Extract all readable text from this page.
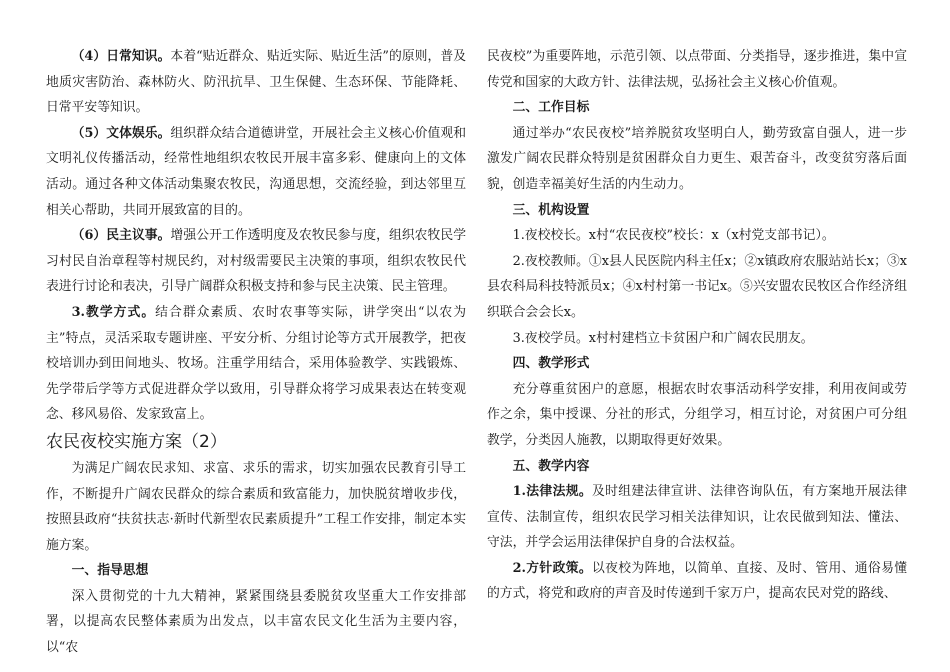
（4）日常知识。本着“贴近群众、贴近实际、贴近生活”的原则，普及地质灾害防治、森林防火、防汛抗旱、卫生保健、生态环保、节能降耗、日常平安等知识。

（5）文体娱乐。组织群众结合道德讲堂，开展社会主义核心价值观和文明礼仪传播活动，经常性地组织农牧民开展丰富多彩、健康向上的文体活动。通过各种文体活动集聚农牧民，沟通思想，交流经验，到达邻里互相关心帮助，共同开展致富的目的。

（6）民主议事。增强公开工作透明度及农牧民参与度，组织农牧民学习村民自治章程等村规民约，对村级需要民主决策的事项，组织农牧民代表进行讨论和表决，引导广阔群众积极支持和参与民主决策、民主管理。

3.教学方式。结合群众素质、农时农事等实际，讲学突出“以农为主”特点，灵活采取专题讲座、平安分析、分组讨论等方式开展教学，把夜校培训办到田间地头、牧场。注重学用结合，采用体验教学、实践锻炼、先学带后学等方式促进群众学以致用，引导群众将学习成果表达在转变观念、移风易俗、发家致富上。

农民夜校实施方案（2）

为满足广阔农民求知、求富、求乐的需求，切实加强农民教育引导工作，不断提升广阔农民群众的综合素质和致富能力，加快脱贫增收步伐，按照县政府“扶贫扶志·新时代新型农民素质提升”工程工作安排，制定本实施方案。

一、指导思想

深入贯彻党的十九大精神，紧紧围绕县委脱贫攻坚重大工作安排部署，以提高农民整体素质为出发点，以丰富农民文化生活为主要内容，以“农

民夜校”为重要阵地，示范引领、以点带面、分类指导，逐步推进，集中宣传党和国家的大政方针、法律法规，弘扬社会主义核心价值观。

二、工作目标

通过举办“农民夜校”培养脱贫攻坚明白人，勤劳致富自强人，进一步激发广阔农民群众特别是贫困群众自力更生、艰苦奋斗，改变贫穷落后面貌，创造幸福美好生活的内生动力。

三、机构设置

1.夜校校长。x村“农民夜校”校长：x（x村党支部书记）。

2.夜校教师。①x县人民医院内科主任x；②x镇政府农服站站长x；③x县农科局科技特派员x；④x村村第一书记x。⑤兴安盟农民牧区合作经济组织联合会会长x。

3.夜校学员。x村村建档立卡贫困户和广阔农民朋友。

四、教学形式

充分尊重贫困户的意愿，根据农时农事活动科学安排，利用夜间或劳作之余，集中授课、分社的形式，分组学习，相互讨论，对贫困户可分组教学，分类因人施教，以期取得更好效果。

五、教学内容

1.法律法规。及时组建法律宣讲、法律咨询队伍，有方案地开展法律宣传、法制宣传，组织农民学习相关法律知识，让农民做到知法、懂法、守法，并学会运用法律保护自身的合法权益。

2.方针政策。以夜校为阵地，以简单、直接、及时、管用、通俗易懂的方式，将党和政府的声音及时传递到千家万户，提高农民对党的路线、
